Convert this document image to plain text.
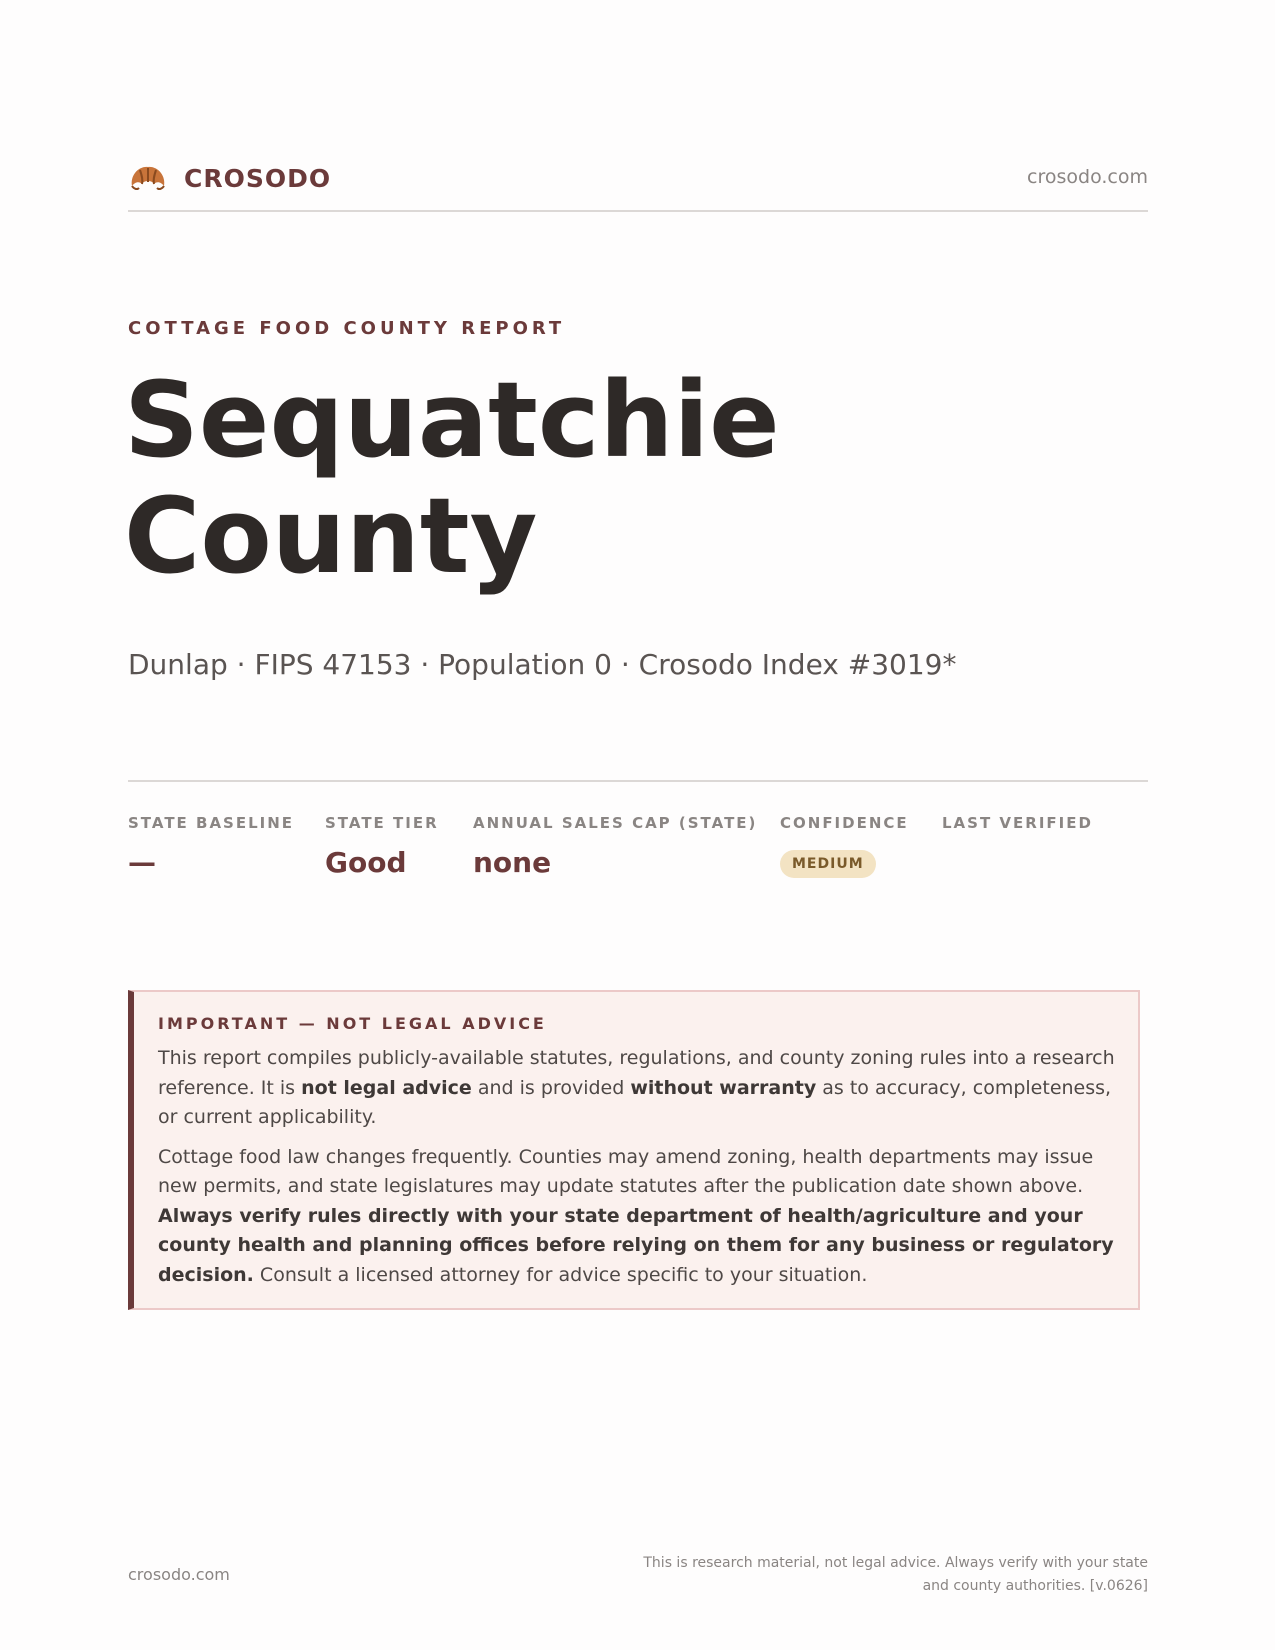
CROSODO	crosodo.com
COTTAGE FOOD COUNTY REPORT
Sequatchie
County
Dunlap · FIPS 47153 · Population 0 · Crosodo Index #3019*
STATE BASELINE
—
STATE TIER
Good
ANNUAL SALES CAP (STATE)
none
CONFIDENCE
MEDIUM
LAST VERIFIED
IMPORTANT — NOT LEGAL ADVICE

This report compiles publicly-available statutes, regulations, and county zoning rules into a research reference. It is not legal advice and is provided without warranty as to accuracy, completeness, or current applicability.

Cottage food law changes frequently. Counties may amend zoning, health departments may issue new permits, and state legislatures may update statutes after the publication date shown above. Always verify rules directly with your state department of health/agriculture and your county health and planning offices before relying on them for any business or regulatory decision. Consult a licensed attorney for advice specific to your situation.

crosodo.com
This is research material, not legal advice. Always verify with your state
and county authorities. [v.0626]
